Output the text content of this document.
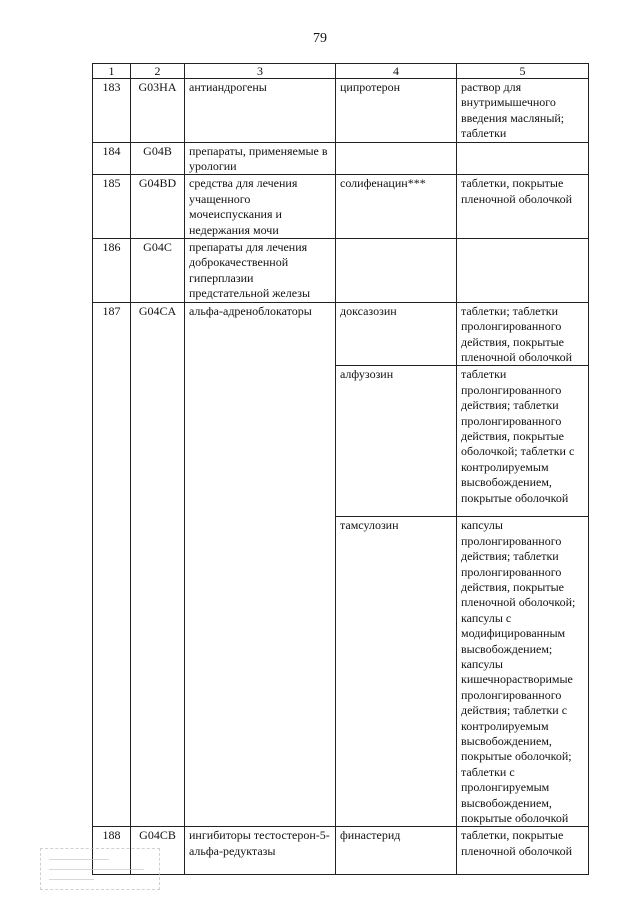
79
1	2	3	4	5
183	G03HA	антиандрогены	ципротерон	раствор для внутримышечного введения масляный; таблетки
184	G04B	препараты, применяемые в урологии		
185	G04BD	средства для лечения учащенного мочеиспускания и недержания мочи	солифенацин***	таблетки, покрытые пленочной оболочкой
186	G04C	препараты для лечения доброкачественной гиперплазии предстательной железы		
187	G04CA	альфа-адреноблокаторы	доксазозин	таблетки; таблетки пролонгированного действия, покрытые пленочной оболочкой
			алфузозин	таблетки пролонгированного действия; таблетки пролонгированного действия, покрытые оболочкой; таблетки с контролируемым высвобождением, покрытые оболочкой
			тамсулозин	капсулы пролонгированного действия; таблетки пролонгированного действия, покрытые пленочной оболочкой; капсулы с модифицированным высвобождением; капсулы кишечнорастворимые пролонгированного действия; таблетки с контролируемым высвобождением, покрытые оболочкой; таблетки с пролонгируемым высвобождением, покрытые оболочкой
188	G04CB	ингибиторы тестостерон-5-альфа-редуктазы	финастерид	таблетки, покрытые пленочной оболочкой
